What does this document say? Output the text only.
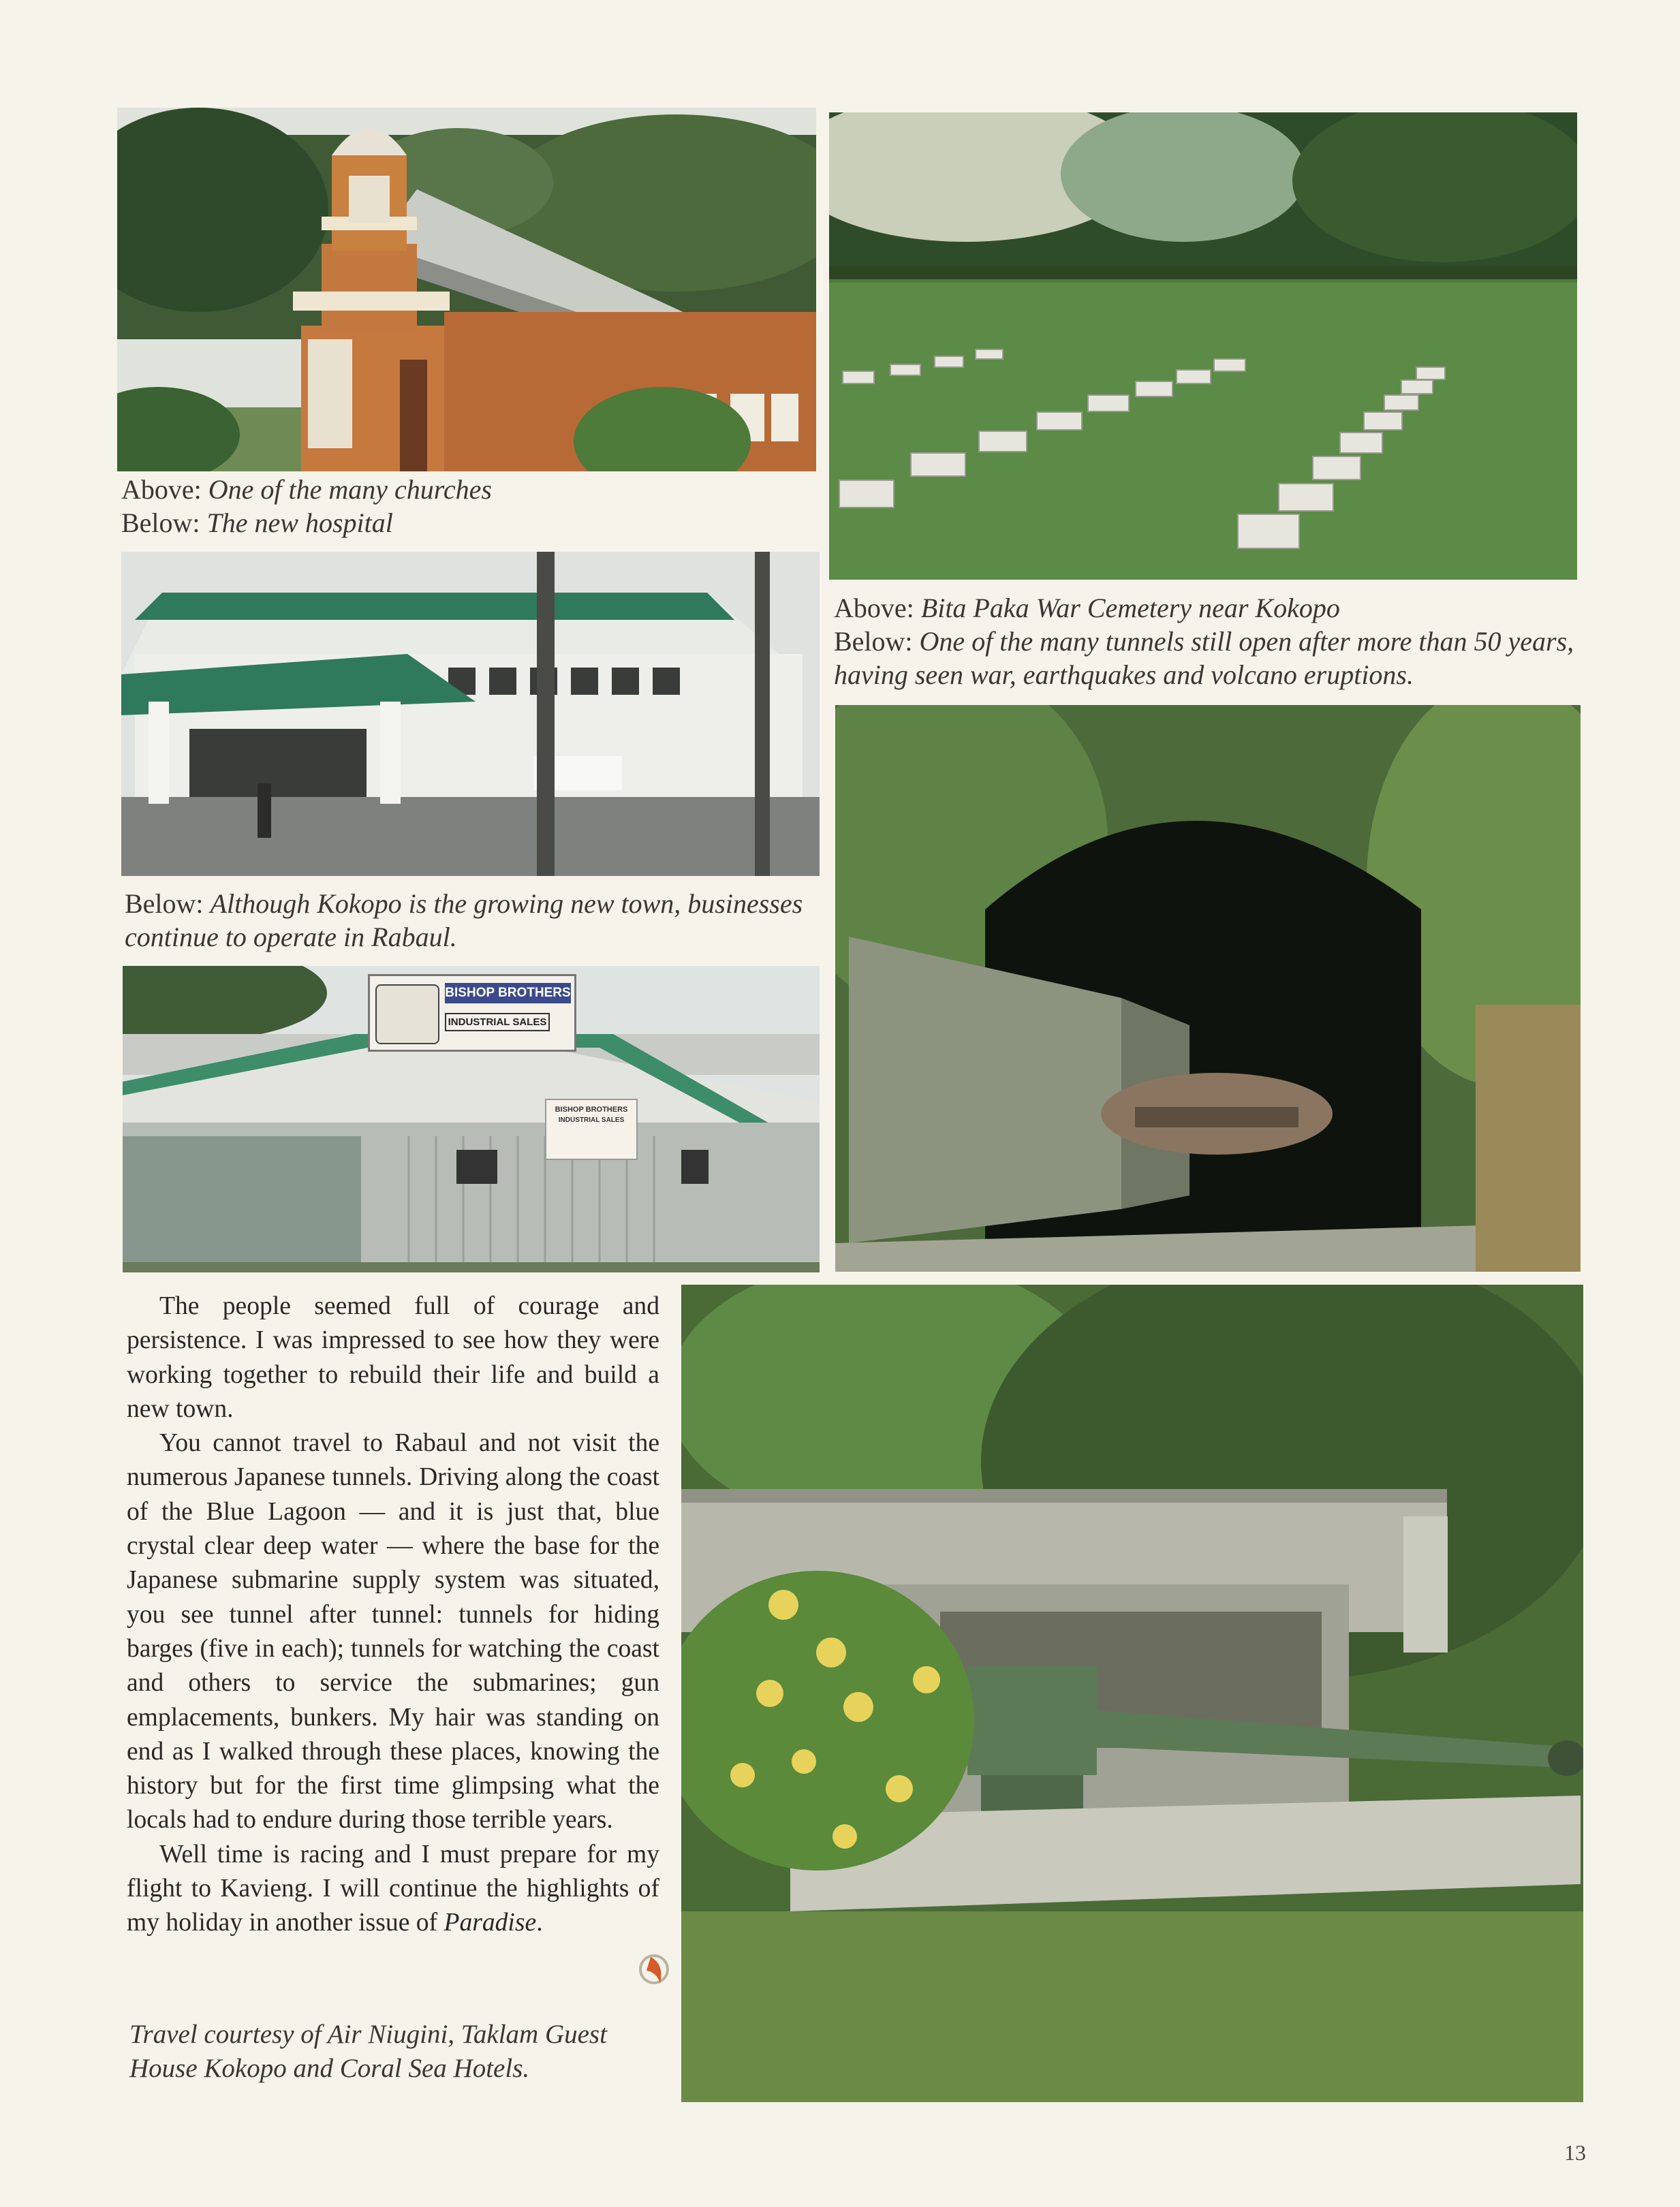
Above: One of the many churches
Below: The new hospital
Above: Bita Paka War Cemetery near Kokopo
Below: One of the many tunnels still open after more than 50 years, having seen war, earthquakes and volcano eruptions.
Below: Although Kokopo is the growing new town, businesses continue to operate in Rabaul.
BISHOP BROTHERS
INDUSTRIAL SALES
BISHOP BROTHERS
INDUSTRIAL SALES

The people seemed full of courage and persistence. I was impressed to see how they were working together to rebuild their life and build a new town.

You cannot travel to Rabaul and not visit the numerous Japanese tunnels. Driving along the coast of the Blue Lagoon — and it is just that, blue crystal clear deep water — where the base for the Japanese submarine supply system was situated, you see tunnel after tunnel: tunnels for hiding barges (five in each); tunnels for watching the coast and others to service the submarines; gun emplacements, bunkers. My hair was standing on end as I walked through these places, knowing the history but for the first time glimpsing what the locals had to endure during those terrible years.

Well time is racing and I must prepare for my flight to Kavieng. I will continue the highlights of my holiday in another issue of Paradise.

Travel courtesy of Air Niugini, Taklam Guest House Kokopo and Coral Sea Hotels.
13
